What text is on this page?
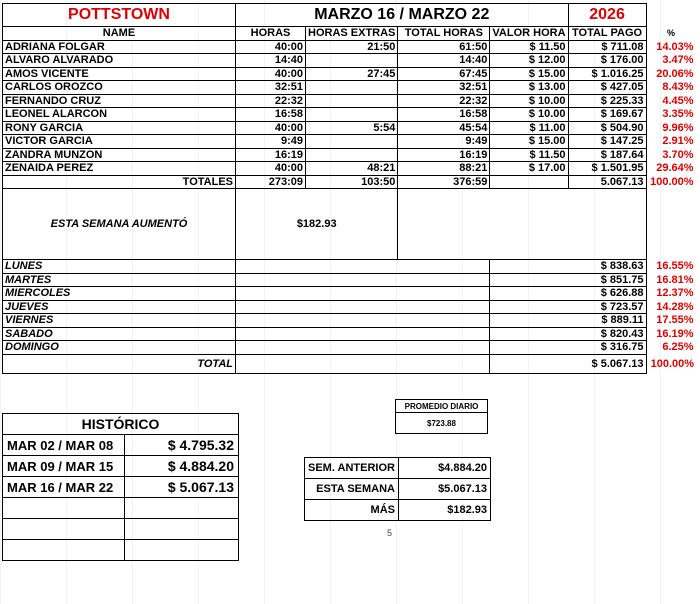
POTTSTOWN	MARZO 16 / MARZO 22				2026	
NAME	HORAS	HORAS EXTRAS	TOTAL HORAS	VALOR HORA	TOTAL PAGO	%
ADRIANA FOLGAR	40:00	21:50	61:50	$ 11.50	$ 711.08	14.03%
ALVARO ALVARADO	14:40		14:40	$ 12.00	$ 176.00	3.47%
AMOS VICENTE	40:00	27:45	67:45	$ 15.00	$ 1.016.25	20.06%
CARLOS OROZCO	32:51		32:51	$ 13.00	$ 427.05	8.43%
FERNANDO CRUZ	22:32		22:32	$ 10.00	$ 225.33	4.45%
LEONEL ALARCON	16:58		16:58	$ 10.00	$ 169.67	3.35%
RONY GARCIA	40:00	5:54	45:54	$ 11.00	$ 504.90	9.96%
VICTOR GARCIA	9:49		9:49	$ 15.00	$ 147.25	2.91%
ZANDRA MUNZON	16:19		16:19	$ 11.50	$ 187.64	3.70%
ZENAIDA PEREZ	40:00	48:21	88:21	$ 17.00	$ 1.501.95	29.64%
TOTALES	273:09	103:50	376:59		5.067.13	100.00%
ESTA SEMANA AUMENTÓ	$182.93					
LUNES				$ 838.63		16.55%
MARTES				$ 851.75		16.81%
MIERCOLES				$ 626.88		12.37%
JUEVES				$ 723.57		14.28%
VIERNES				$ 889.11		17.55%
SABADO				$ 820.43		16.19%
DOMINGO				$ 316.75		6.25%
TOTAL				$ 5.067.13		100.00%
PROMEDIO DIARIO
$723.88
HISTÓRICO	
MAR 02 / MAR 08	$ 4.795.32
MAR 09 / MAR 15	$ 4.884.20
MAR 16 / MAR 22	$ 5.067.13

SEM. ANTERIOR	$4.884.20
ESTA SEMANA	$5.067.13
MÁS	$182.93
5
